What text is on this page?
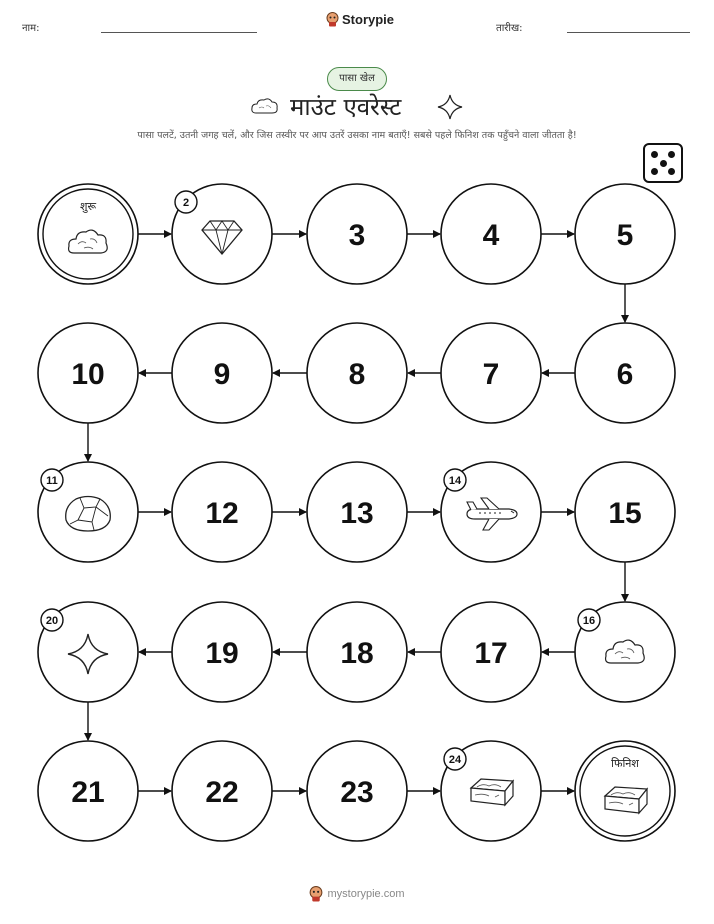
नाम:
Storypie
तारीख:
पासा खेल
माउंट एवरेस्ट
पासा पलटें, उतनी जगह चलें, और जिस तस्वीर पर आप उतरें उसका नाम बताएँ! सबसे पहले फिनिश तक पहुँचने वाला जीतता है!
शुरू	2
3	4	5
6
7
8
9
10
11
12	13
14
15
16
17
18
19
20
21	22	23
24	फिनिश
mystorypie.com
